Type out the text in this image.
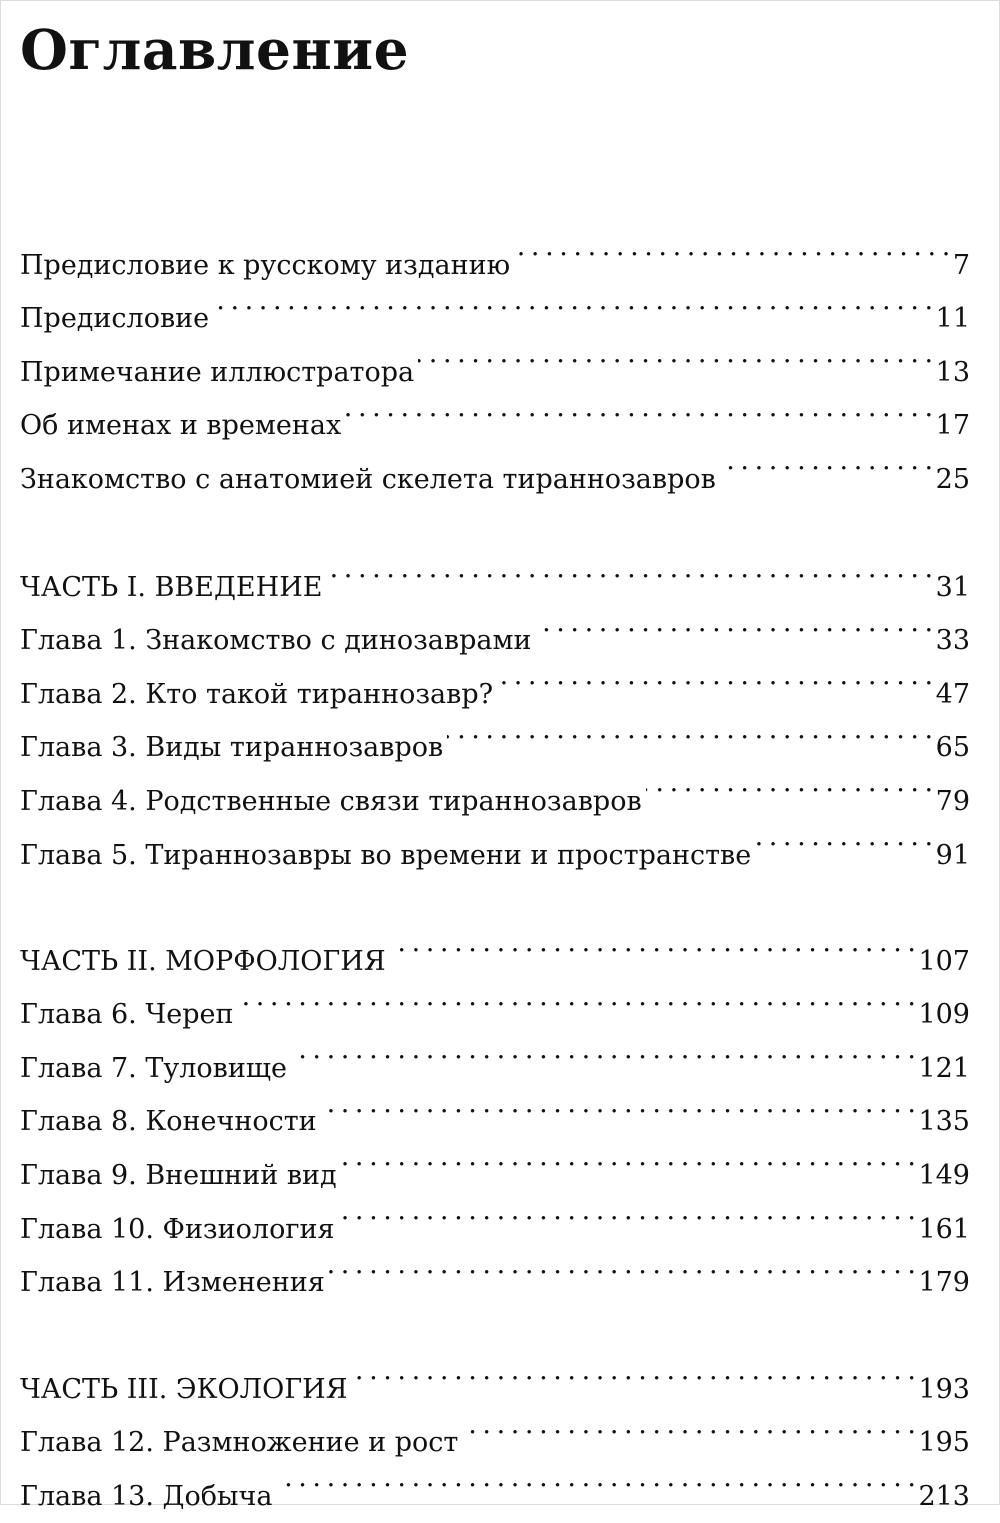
Оглавление
Предисловие к русскому изданию . . .	7
Предисловие . . .	11
Примечание иллюстратора . . .	13
Об именах и временах . . .	17
Знакомство с анатомией скелета тираннозавров . . .	25
ЧАСТЬ I. ВВЕДЕНИЕ . . .	31
Глава 1. Знакомство с динозаврами . . .	33
Глава 2. Кто такой тираннозавр? . . .	47
Глава 3. Виды тираннозавров . . .	65
Глава 4. Родственные связи тираннозавров . . .	79
Глава 5. Тираннозавры во времени и пространстве . . .	91
ЧАСТЬ II. МОРФОЛОГИЯ . . .	107
Глава 6. Череп . . .	109
Глава 7. Туловище . . .	121
Глава 8. Конечности . . .	135
Глава 9. Внешний вид . . .	149
Глава 10. Физиология . . .	161
Глава 11. Изменения . . .	179
ЧАСТЬ III. ЭКОЛОГИЯ . . .	193
Глава 12. Размножение и рост . . .	195
Глава 13. Добыча . . .	213
